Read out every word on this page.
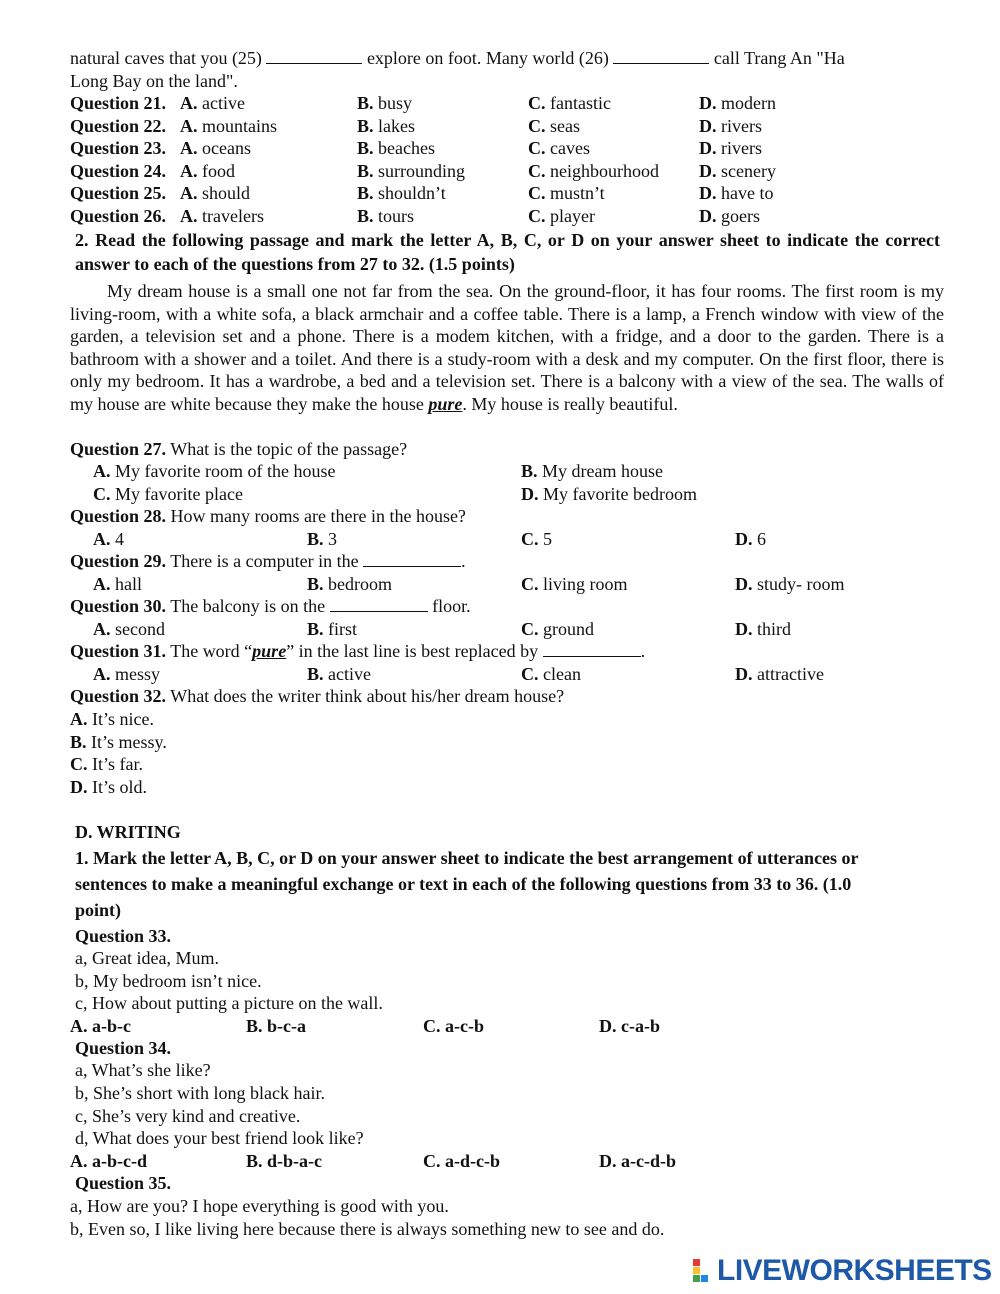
natural caves that you (25)	explore on foot. Many world (26)	call Trang An "Ha
Long Bay on the land".
Question 21. A. active	B. busy	C. fantastic	D. modern
Question 22. A. mountains	B. lakes	C. seas	D. rivers
Question 23. A. oceans	B. beaches	C. caves	D. rivers
Question 24. A. food	B. surrounding	C. neighbourhood D. scenery
Question 25. A. should	B. shouldn’t	C. mustn’t	D. have to
Question 26. A. travelers	B. tours	C. player	D. goers
2. Read the following passage and mark the letter A, B, C, or D on your answer sheet to indicate the correct answer to each of the questions from 27 to 32. (1.5 points)
My dream house is a small one not far from the sea. On the ground-floor, it has four rooms. The first room is my living-room, with a white sofa, a black armchair and a coffee table. There is a lamp, a French window with view of the garden, a television set and a phone. There is a modem kitchen, with a fridge, and a door to the garden. There is a bathroom with a shower and a toilet. And there is a study-room with a desk and my computer. On the first floor, there is only my bedroom. It has a wardrobe, a bed and a television set. There is a balcony with a view of the sea. The walls of my house are white because they make the house pure. My house is really beautiful.
Question 27. What is the topic of the passage?
A. My favorite room of the house	B. My dream house
C. My favorite place	D. My favorite bedroom
Question 28. How many rooms are there in the house?
A. 4	B. 3	C. 5	D. 6
Question 29. There is a computer in the	.
A. hall	B. bedroom	C. living room	D. study- room
Question 30. The balcony is on the	floor.
A. second	B. first	C. ground	D. third
Question 31. The word “pure” in the last line is best replaced by	.
A. messy	B. active	C. clean	D. attractive
Question 32. What does the writer think about his/her dream house?
A. It’s nice.
B. It’s messy.
C. It’s far.
D. It’s old.
D. WRITING
1. Mark the letter A, B, C, or D on your answer sheet to indicate the best arrangement of utterances or
sentences to make a meaningful exchange or text in each of the following questions from 33 to 36. (1.0
point)
Question 33.
a, Great idea, Mum.
b, My bedroom isn’t nice.
c, How about putting a picture on the wall.
A. a-b-c	B. b-c-a	C. a-c-b	D. c-a-b
Question 34.
a, What’s she like?
b, She’s short with long black hair.
c, She’s very kind and creative.
d, What does your best friend look like?
A. a-b-c-d	B. d-b-a-c	C. a-d-c-b	D. a-c-d-b
Question 35.
a, How are you? I hope everything is good with you.
b, Even so, I like living here because there is always something new to see and do.
LIVEWORKSHEETS
